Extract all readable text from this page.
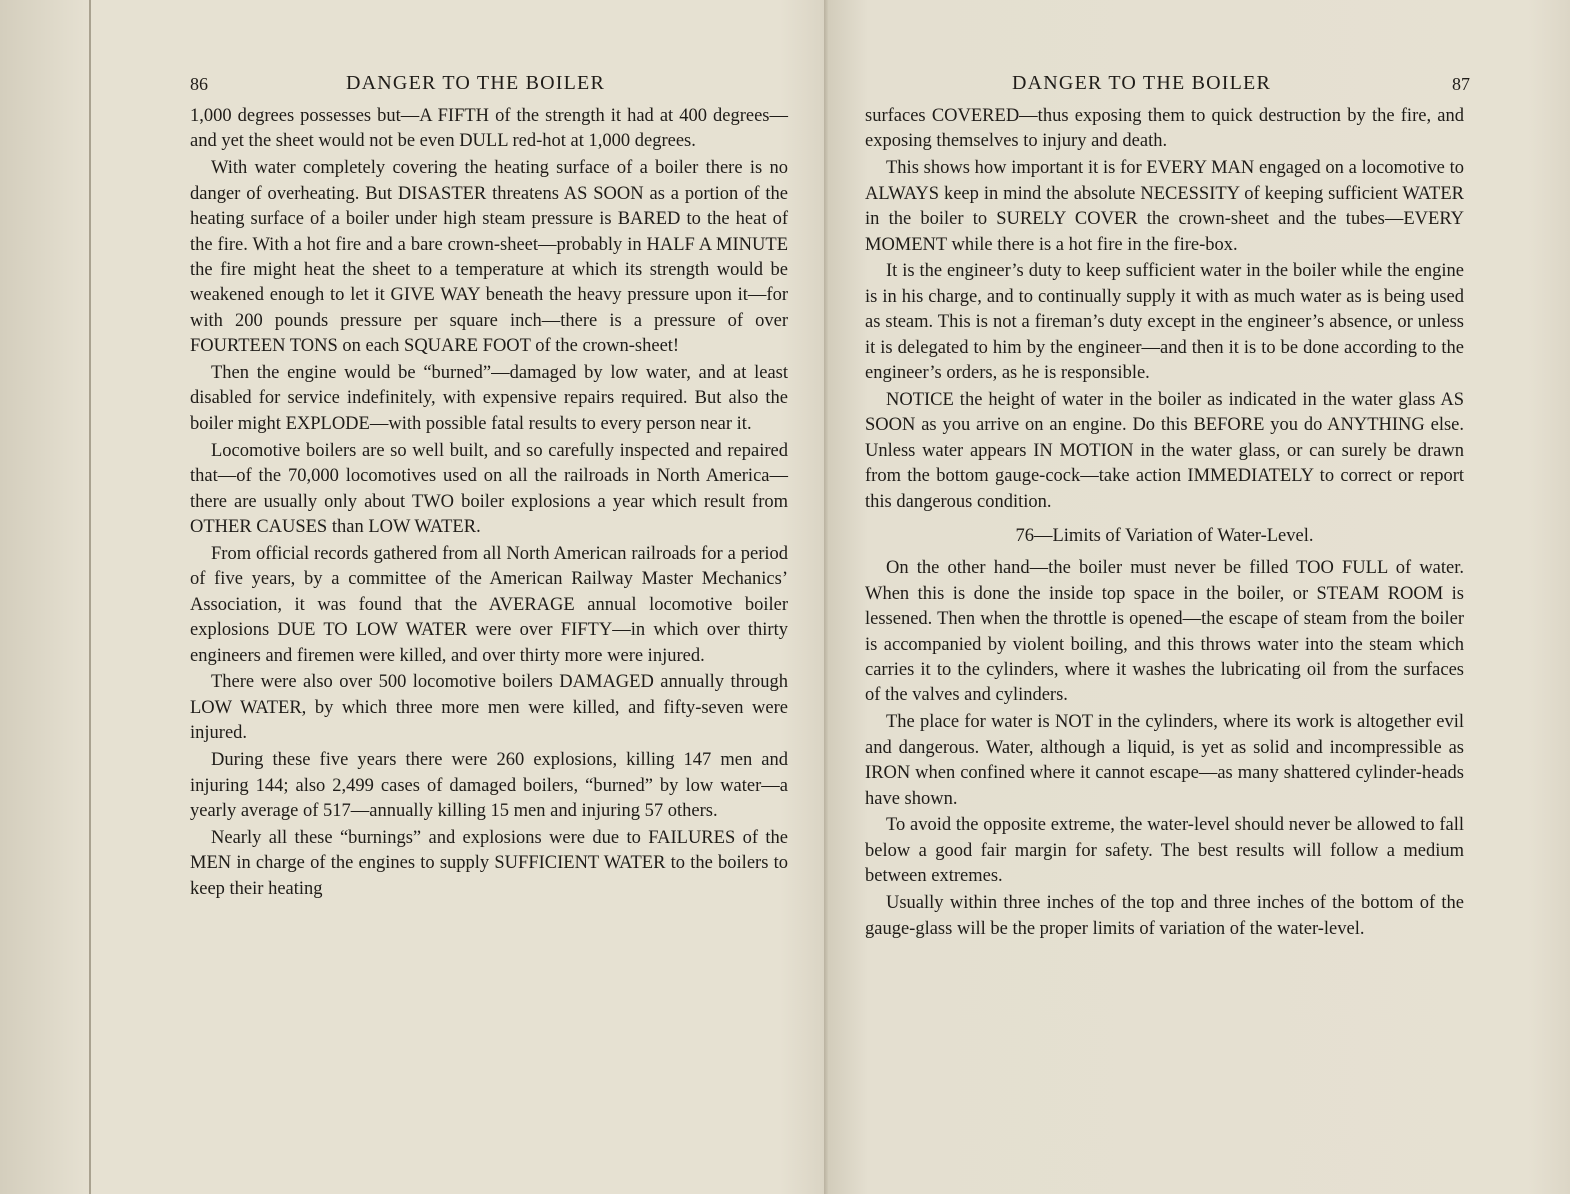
86	DANGER TO THE BOILER

1,000 degrees possesses but—A FIFTH of the strength it had at 400 degrees—and yet the sheet would not be even DULL red-hot at 1,000 degrees.

With water completely covering the heating surface of a boiler there is no danger of overheating. But DISASTER threatens AS SOON as a portion of the heating surface of a boiler under high steam pressure is BARED to the heat of the fire. With a hot fire and a bare crown-sheet—probably in HALF A MINUTE the fire might heat the sheet to a temperature at which its strength would be weakened enough to let it GIVE WAY beneath the heavy pressure upon it—for with 200 pounds pressure per square inch—there is a pressure of over FOURTEEN TONS on each SQUARE FOOT of the crown-sheet!

Then the engine would be “burned”—damaged by low water, and at least disabled for service indefinitely, with expensive repairs required. But also the boiler might EXPLODE—with possible fatal results to every person near it.

Locomotive boilers are so well built, and so carefully inspected and repaired that—of the 70,000 locomotives used on all the railroads in North America—there are usually only about TWO boiler explosions a year which result from OTHER CAUSES than LOW WATER.

From official records gathered from all North American railroads for a period of five years, by a committee of the American Railway Master Mechanics’ Association, it was found that the AVERAGE annual locomotive boiler explosions DUE TO LOW WATER were over FIFTY—in which over thirty engineers and firemen were killed, and over thirty more were injured.

There were also over 500 locomotive boilers DAMAGED annually through LOW WATER, by which three more men were killed, and fifty-seven were injured.

During these five years there were 260 explosions, killing 147 men and injuring 144; also 2,499 cases of damaged boilers, “burned” by low water—a yearly average of 517—annually killing 15 men and injuring 57 others.

Nearly all these “burnings” and explosions were due to FAILURES of the MEN in charge of the engines to supply SUFFICIENT WATER to the boilers to keep their heating

DANGER TO THE BOILER	87

surfaces COVERED—thus exposing them to quick destruction by the fire, and exposing themselves to injury and death.

This shows how important it is for EVERY MAN engaged on a locomotive to ALWAYS keep in mind the absolute NECESSITY of keeping sufficient WATER in the boiler to SURELY COVER the crown-sheet and the tubes—EVERY MOMENT while there is a hot fire in the fire-box.

It is the engineer’s duty to keep sufficient water in the boiler while the engine is in his charge, and to continually supply it with as much water as is being used as steam. This is not a fireman’s duty except in the engineer’s absence, or unless it is delegated to him by the engineer—and then it is to be done according to the engineer’s orders, as he is responsible.

NOTICE the height of water in the boiler as indicated in the water glass AS SOON as you arrive on an engine. Do this BEFORE you do ANYTHING else. Unless water appears IN MOTION in the water glass, or can surely be drawn from the bottom gauge-cock—take action IMMEDIATELY to correct or report this dangerous condition.

76—Limits of Variation of Water-Level.

On the other hand—the boiler must never be filled TOO FULL of water. When this is done the inside top space in the boiler, or STEAM ROOM is lessened. Then when the throttle is opened—the escape of steam from the boiler is accompanied by violent boiling, and this throws water into the steam which carries it to the cylinders, where it washes the lubricating oil from the surfaces of the valves and cylinders.

The place for water is NOT in the cylinders, where its work is altogether evil and dangerous. Water, although a liquid, is yet as solid and incompressible as IRON when confined where it cannot escape—as many shattered cylinder-heads have shown.

To avoid the opposite extreme, the water-level should never be allowed to fall below a good fair margin for safety. The best results will follow a medium between extremes.

Usually within three inches of the top and three inches of the bottom of the gauge-glass will be the proper limits of variation of the water-level.
